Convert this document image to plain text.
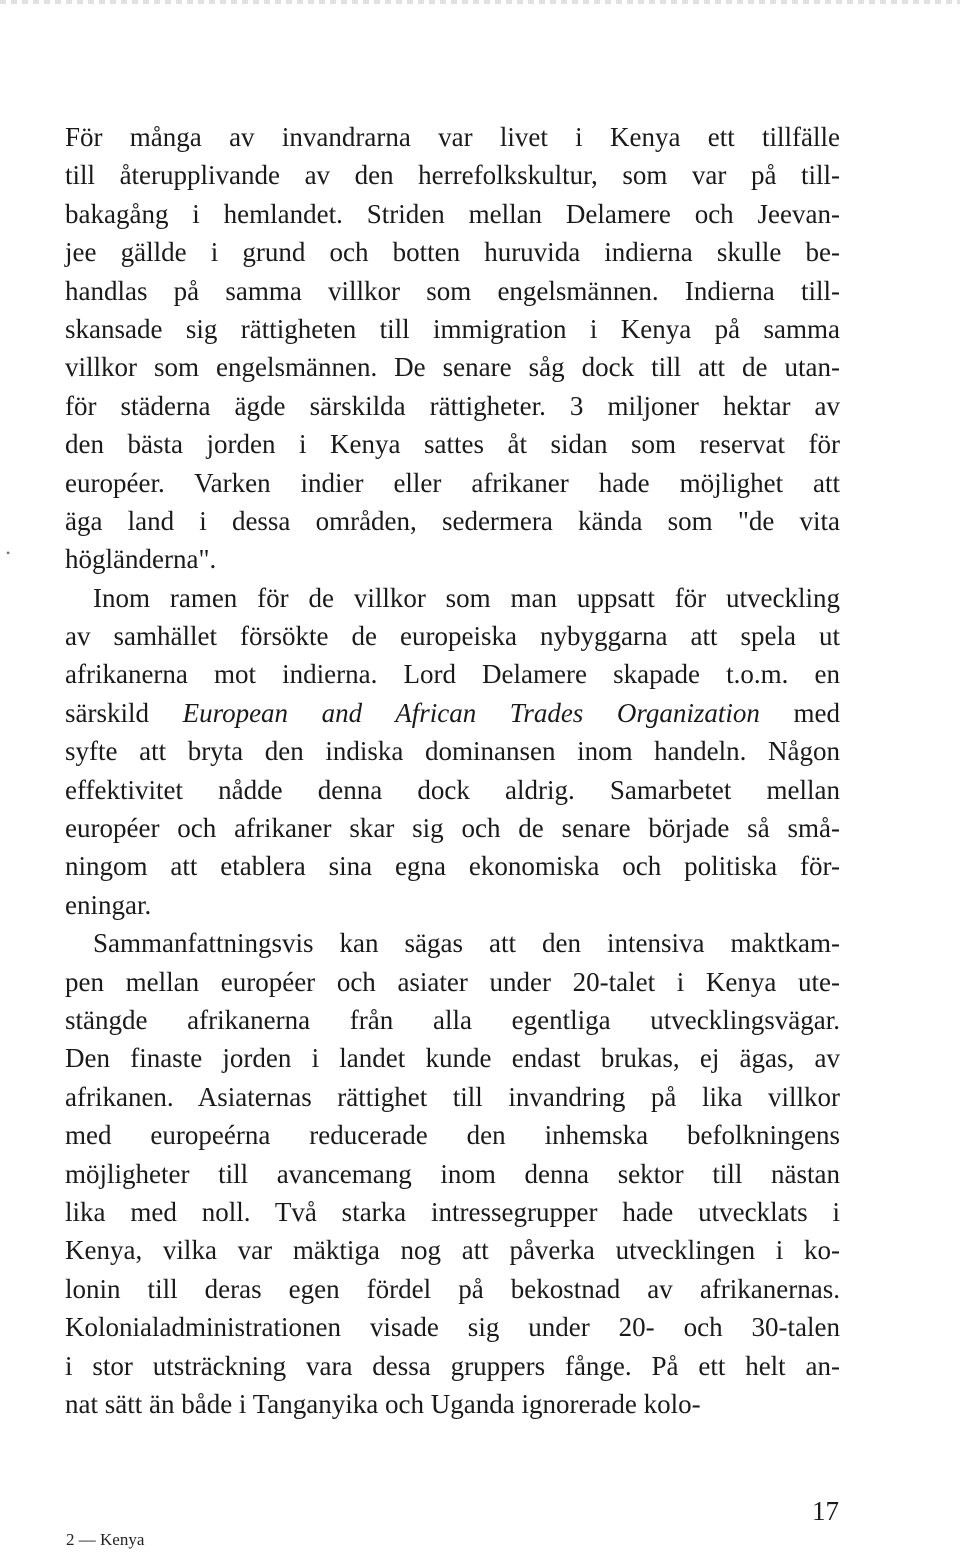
•
För många av invandrarna var livet i Kenya ett tillfälle
till återupplivande av den herrefolkskultur, som var på till-
bakagång i hemlandet. Striden mellan Delamere och Jeevan-
jee gällde i grund och botten huruvida indierna skulle be-
handlas på samma villkor som engelsmännen. Indierna till-
skansade sig rättigheten till immigration i Kenya på samma
villkor som engelsmännen. De senare såg dock till att de utan-
för städerna ägde särskilda rättigheter. 3 miljoner hektar av
den bästa jorden i Kenya sattes åt sidan som reservat för
européer. Varken indier eller afrikaner hade möjlighet att
äga land i dessa områden, sedermera kända som "de vita
högländerna".
Inom ramen för de villkor som man uppsatt för utveckling
av samhället försökte de europeiska nybyggarna att spela ut
afrikanerna mot indierna. Lord Delamere skapade t.o.m. en
särskild European and African Trades Organization med
syfte att bryta den indiska dominansen inom handeln. Någon
effektivitet nådde denna dock aldrig. Samarbetet mellan
européer och afrikaner skar sig och de senare började så små-
ningom att etablera sina egna ekonomiska och politiska för-
eningar.
Sammanfattningsvis kan sägas att den intensiva maktkam-
pen mellan européer och asiater under 20-talet i Kenya ute-
stängde afrikanerna från alla egentliga utvecklingsvägar.
Den finaste jorden i landet kunde endast brukas, ej ägas, av
afrikanen. Asiaternas rättighet till invandring på lika villkor
med europeérna reducerade den inhemska befolkningens
möjligheter till avancemang inom denna sektor till nästan
lika med noll. Två starka intressegrupper hade utvecklats i
Kenya, vilka var mäktiga nog att påverka utvecklingen i ko-
lonin till deras egen fördel på bekostnad av afrikanernas.
Kolonialadministrationen visade sig under 20- och 30-talen
i stor utsträckning vara dessa gruppers fånge. På ett helt an-
nat sätt än både i Tanganyika och Uganda ignorerade kolo-
2 — Kenya
17
